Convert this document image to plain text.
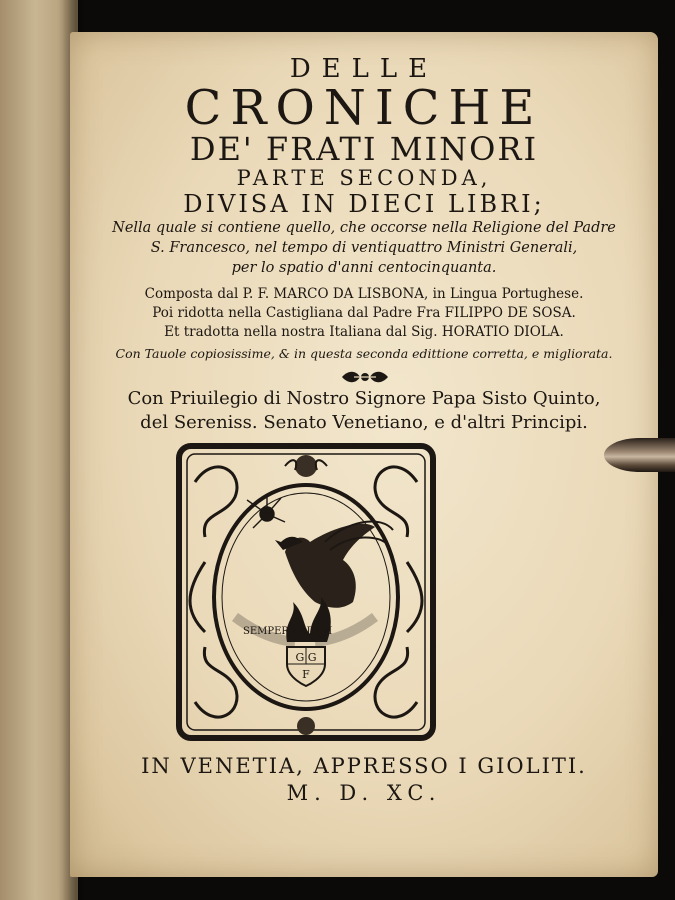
DELLE
CRONICHE
DE' FRATI MINORI
PARTE SECONDA,
DIVISA IN DIECI LIBRI;
Nella quale si contiene quello, che occorse nella Religione del Padre
S. Francesco, nel tempo di ventiquattro Ministri Generali,
per lo spatio d'anni centocinquanta.
Composta dal P. F. MARCO DA LISBONA, in Lingua Portughese.
Poi ridotta nella Castigliana dal Padre Fra FILIPPO DE SOSA.
Et tradotta nella nostra Italiana dal Sig. HORATIO DIOLA.
Con Tauole copiosissime, & in questa seconda edittione corretta, e migliorata.
Con Priuilegio di Nostro Signore Papa Sisto Quinto,
del Sereniss. Senato Venetiano, e d'altri Principi.
SEMPER EADEM
G G
F
IN VENETIA, APPRESSO I GIOLITI.
M. D. XC.
